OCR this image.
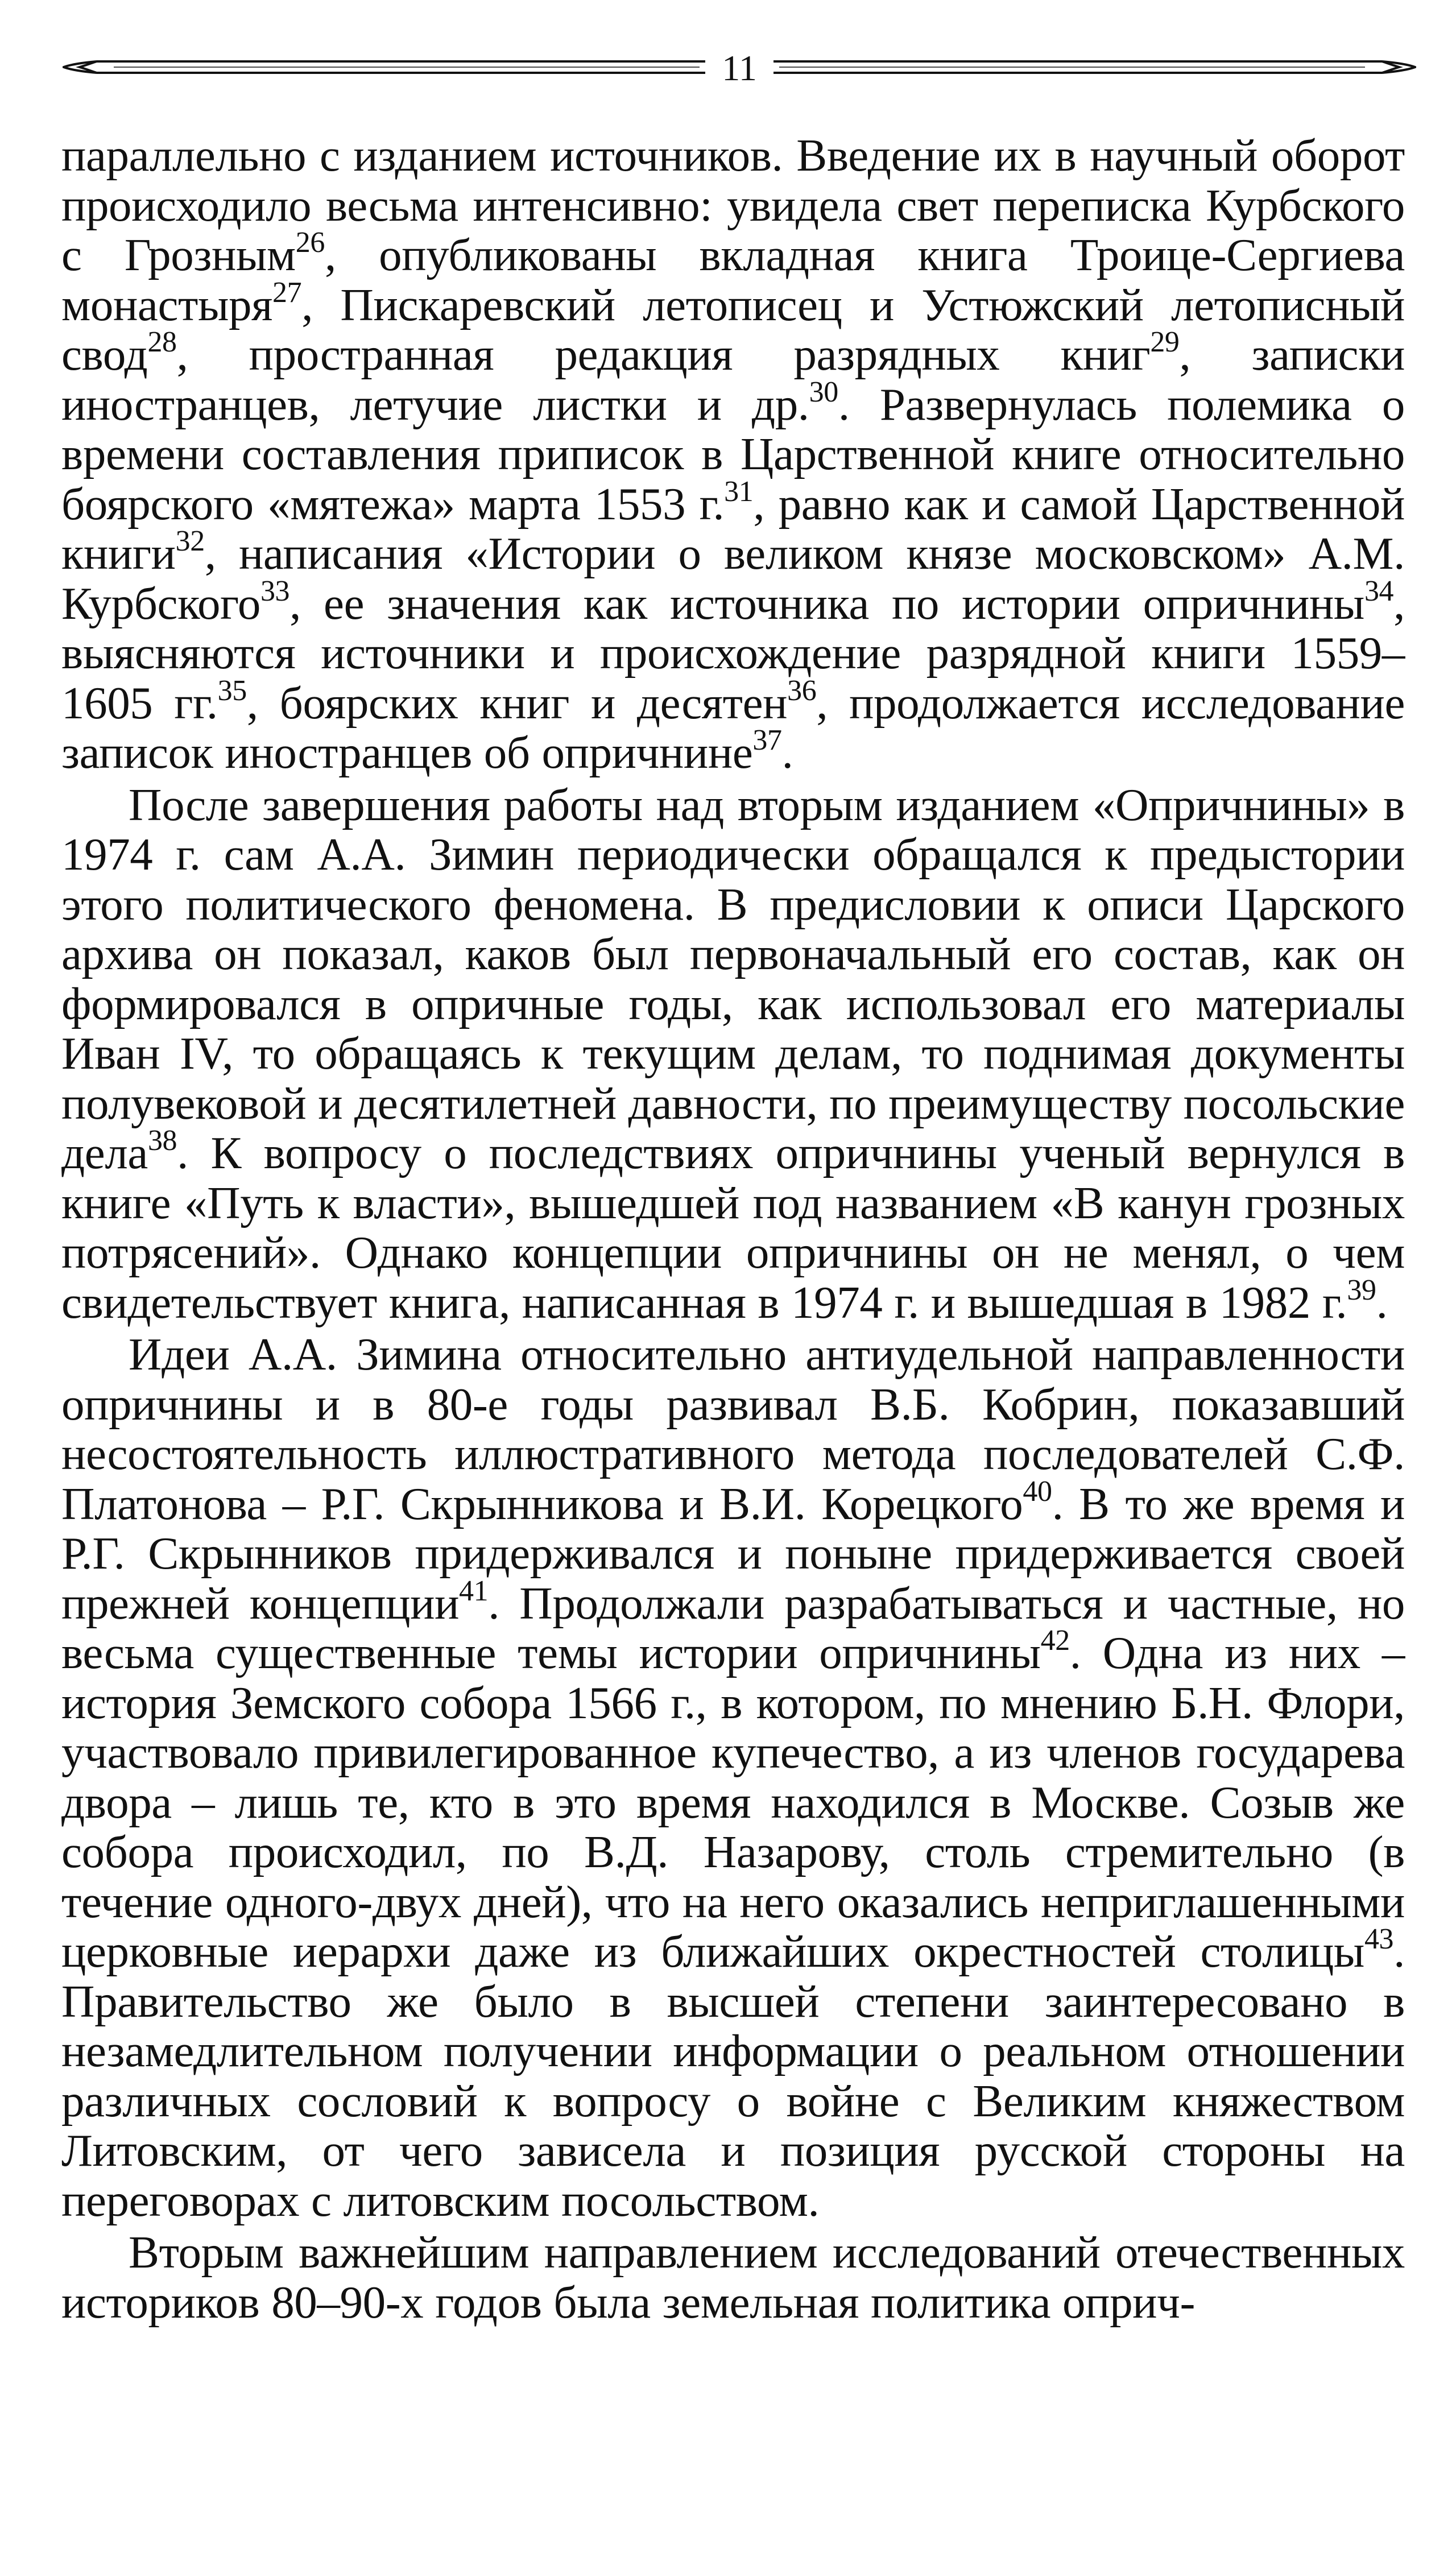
11

параллельно с изданием источников. Введение их в научный оборот происходило весьма интенсивно: увидела свет переписка Курбского с Грозным$^{26}$, опубликованы вкладная книга Троице-Сергиева монастыря$^{27}$, Пискаревский летописец и Устюжский летописный свод$^{28}$, пространная редакция разрядных книг$^{29}$, записки иностранцев, летучие листки и др.$^{30}$. Развернулась полемика о времени составления приписок в Царственной книге относительно боярского «мятежа» марта 1553 г.$^{31}$, равно как и самой Царственной книги$^{32}$, написания «Истории о великом князе московском» А.М. Курбского$^{33}$, ее значения как источника по истории опричнины$^{34}$, выясняются источники и происхождение разрядной книги 1559–1605 гг.$^{35}$, боярских книг и десятен$^{36}$, продолжается исследование записок иностранцев об опричнине$^{37}$.

После завершения работы над вторым изданием «Опричнины» в 1974 г. сам А.А. Зимин периодически обращался к предыстории этого политического феномена. В предисловии к описи Царского архива он показал, каков был первоначальный его состав, как он формировался в опричные годы, как использовал его материалы Иван IV, то обращаясь к текущим делам, то поднимая документы полувековой и десятилетней давности, по преимуществу посольские дела$^{38}$. К вопросу о последствиях опричнины ученый вернулся в книге «Путь к власти», вышедшей под названием «В канун грозных потрясений». Однако концепции опричнины он не менял, о чем свидетельствует книга, написанная в 1974 г. и вышедшая в 1982 г.$^{39}$.

Идеи А.А. Зимина относительно антиудельной направленности опричнины и в 80-е годы развивал В.Б. Кобрин, показавший несостоятельность иллюстративного метода последователей С.Ф. Платонова – Р.Г. Скрынникова и В.И. Корецкого$^{40}$. В то же время и Р.Г. Скрынников придерживался и поныне придерживается своей прежней концепции$^{41}$. Продолжали разрабатываться и частные, но весьма существенные темы истории опричнины$^{42}$. Одна из них – история Земского собора 1566 г., в котором, по мнению Б.Н. Флори, участвовало привилегированное купечество, а из членов государева двора – лишь те, кто в это время находился в Москве. Созыв же собора происходил, по В.Д. Назарову, столь стремительно (в течение одного-двух дней), что на него оказались неприглашенными церковные иерархи даже из ближайших окрестностей столицы$^{43}$. Правительство же было в высшей степени заинтересовано в незамедлительном получении информации о реальном отношении различных сословий к вопросу о войне с Великим княжеством Литовским, от чего зависела и позиция русской стороны на переговорах с литовским посольством.

Вторым важнейшим направлением исследований отечественных историков 80–90-х годов была земельная политика оприч-
